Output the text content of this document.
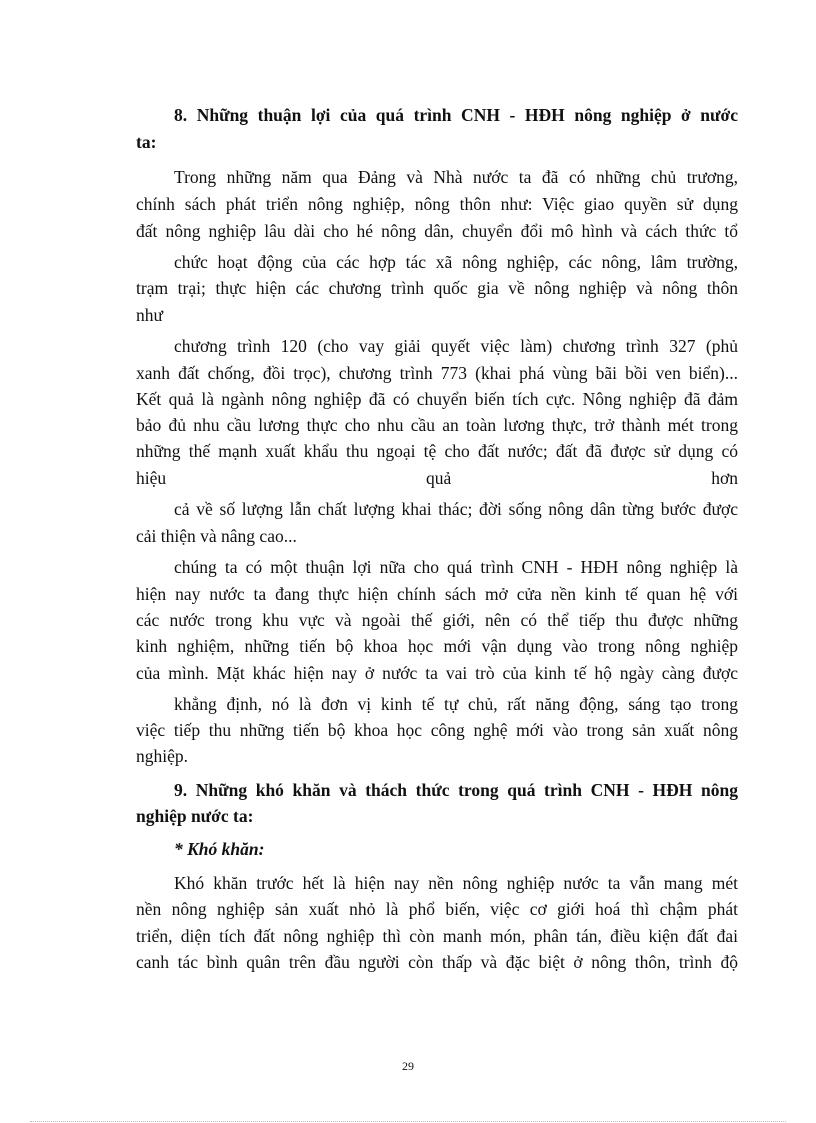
8. Những thuận lợi của quá trình CNH - HĐH nông nghiệp ở nước
ta:
Trong những năm qua Đảng và Nhà nước ta đã có những chủ trương,
chính sách phát triển nông nghiệp, nông thôn như: Việc giao quyền sử dụng
đất nông nghiệp lâu dài cho hé nông dân, chuyển đổi mô hình và cách thức tổ
chức hoạt động của các hợp tác xã nông nghiệp, các nông, lâm trường,
trạm trại; thực hiện các chương trình quốc gia về nông nghiệp và nông thôn
như
chương trình 120 (cho vay giải quyết việc làm) chương trình 327 (phủ
xanh đất chống, đồi trọc), chương trình 773 (khai phá vùng bãi bồi ven biển)...
Kết quả là ngành nông nghiệp đã có chuyển biến tích cực. Nông nghiệp đã đảm
bảo đủ nhu cầu lương thực cho nhu cầu an toàn lương thực, trở thành mét trong
những thế mạnh xuất khẩu thu ngoại tệ cho đất nước; đất đã được sử dụng có
hiệu quả hơn
cả về số lượng lẫn chất lượng khai thác; đời sống nông dân từng bước được
cải thiện và nâng cao...
chúng ta có một thuận lợi nữa cho quá trình CNH - HĐH nông nghiệp là
hiện nay nước ta đang thực hiện chính sách mở cửa nền kinh tế quan hệ với
các nước trong khu vực và ngoài thế giới, nên có thể tiếp thu được những
kinh nghiệm, những tiến bộ khoa học mới vận dụng vào trong nông nghiệp
của mình. Mặt khác hiện nay ở nước ta vai trò của kinh tế hộ ngày càng được
khẳng định, nó là đơn vị kinh tế tự chủ, rất năng động, sáng tạo trong
việc tiếp thu những tiến bộ khoa học công nghệ mới vào trong sản xuất nông
nghiệp.
9. Những khó khăn và thách thức trong quá trình CNH - HĐH nông
nghiệp nước ta:
* Khó khăn:
Khó khăn trước hết là hiện nay nền nông nghiệp nước ta vẫn mang mét
nền nông nghiệp sản xuất nhỏ là phổ biến, việc cơ giới hoá thì chậm phát
triển, diện tích đất nông nghiệp thì còn manh món, phân tán, điều kiện đất đai
canh tác bình quân trên đầu người còn thấp và đặc biệt ở nông thôn, trình độ
29
